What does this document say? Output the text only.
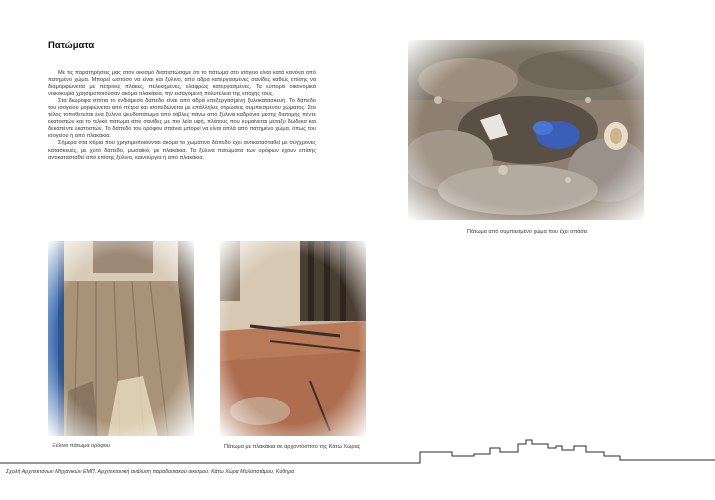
Πατώματα

Με τις παρατηρήσεις μας στον οικισμό διαπιστώσαμε ότι το πάτωμα στο ισόγειο είναι κατά κανόνα από πατημένο χώμα. Μπορεί ωστόσο να είναι και ξύλινο, από αδρά κατεργασμένες σανίδες καθώς επίσης να διαμορφώνεται με πέτρινες πλάκες, πελεκημένες, ελαφρώς κατεργασμένες. Τα εύπορα οικονομικά νοικοκυριά χρησιμοποιούσαν ακόμα πλακάκια, την εισαγόμενη πολυτέλεια της εποχής τους.

Στα διώροφα σπίτια το ενδιάμεσο δάπεδο είναι από αδρά επεξεργασμένη ξυλοκατασκευή. Το δάπεδο του ισογείου μορφώνεται από πέτρα και ισοπεδώνεται με επάλληλες στρώσεις συμπιεσμένου χώματος. Στο τέλος τοποθετείται ένα ξύλινο ψευδοπάτωμα από τάβλες πάνω από ξύλινα καδρόνια μέσης διατομής πέντε εκατοστών και το τελικό πάτωμα από σανίδες με πιο λεία υφή, πλάτους που κυμαίνεται μεταξύ δώδεκα και δεκαπέντε εκατοστών. Το δάπεδο του ορόφου σπάνια μπορεί να είναι απλά από πατημένο χώμα, όπως του ισογείου ή από πλακάκια.

Σήμερα στα κτίρια που χρησιμοποιούνται ακόμα το χωμάτινο δάπεδο έχει αντικατασταθεί με σύγχρονες κατασκευές, με χυτό δάπεδο, μωσαϊκό, με πλακάκια. Τα ξύλινα πατώματα των ορόφων έχουν επίσης αντικατασταθεί από επίσης ξύλινα, καινούργια ή από πλακάκια.

Πάτωμα από συμπιεσμένο χώμα που έχει σπάσει
Ξύλινο πάτωμα ορόφου	Πάτωμα με πλακάκια σε αρχοντόσπιτο της Κάτω Χώρας
Σχολή Αρχιτεκτόνων Μηχανικών ΕΜΠ. Αρχιτεκτονική ανάλυση παραδοσιακού οικισμού: Κάτω Χώρα Μυλοποτάμου, Κύθηρα
